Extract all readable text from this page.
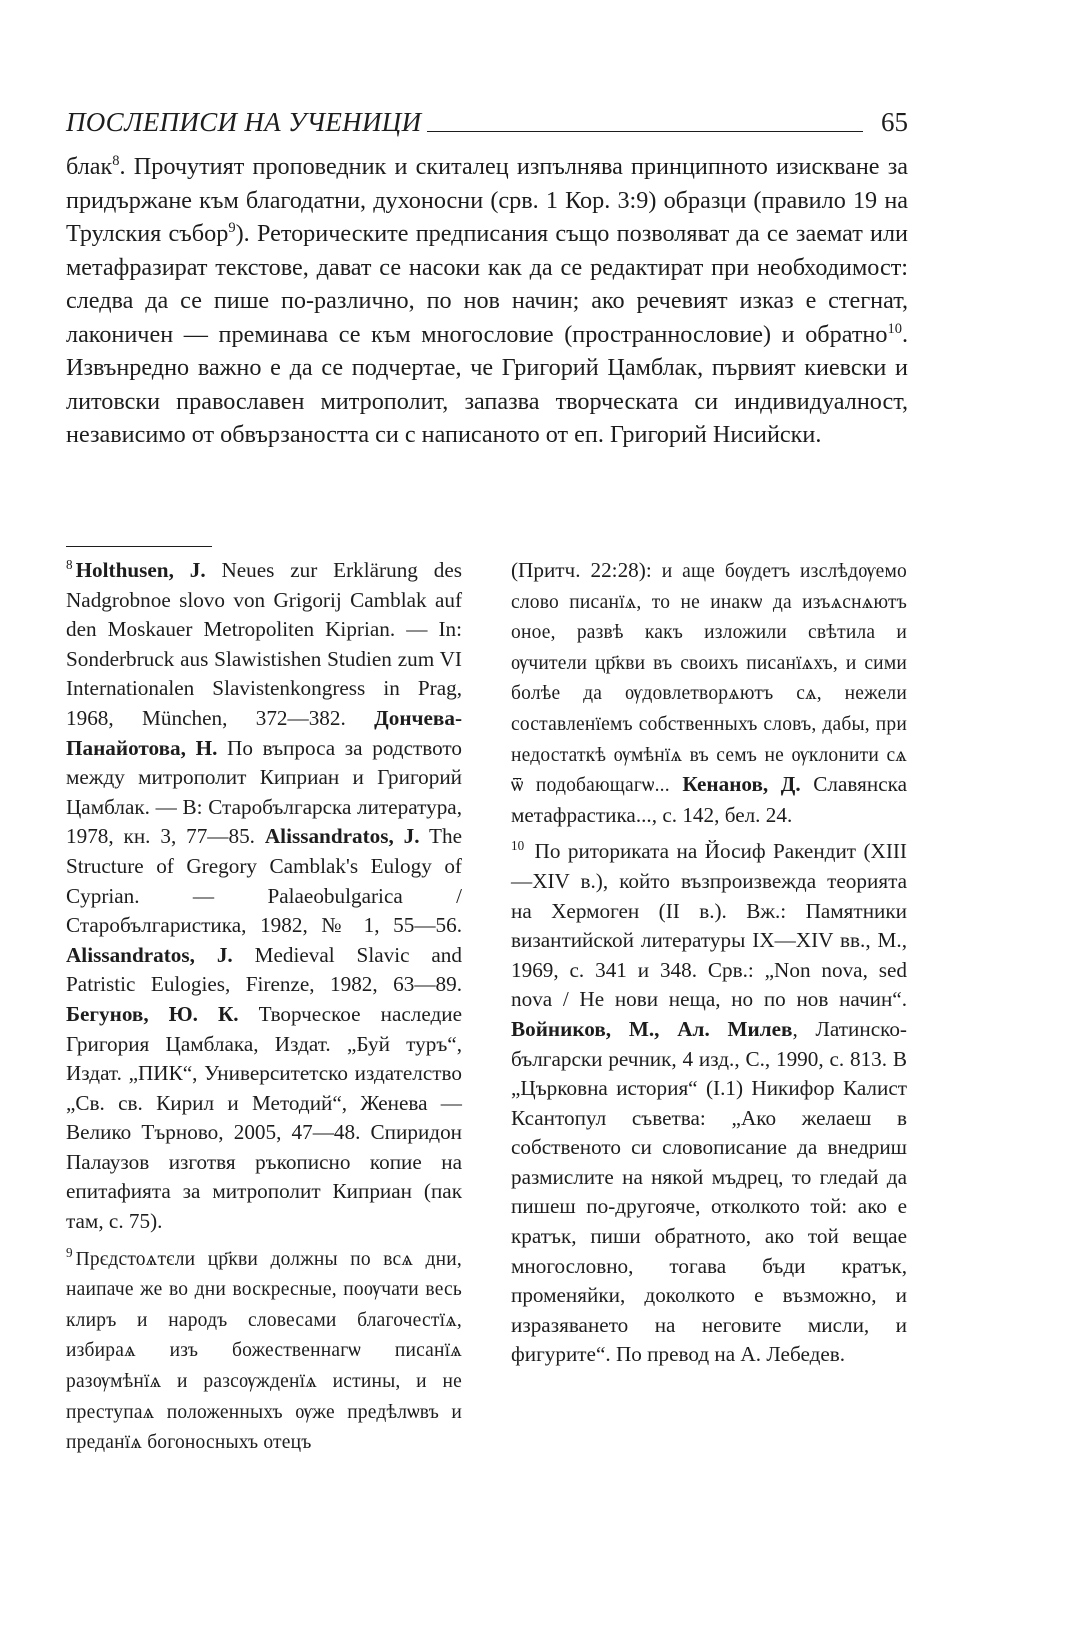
ПОСЛЕПИСИ НА УЧЕНИЦИ	65

блак$^8$. Прочутият проповедник и скиталец изпълнява принципното изискване за придържане към благодатни, духоносни (срв. 1 Кор. 3:9) образци (правило 19 на Трулския събор$^9$). Реторическите предписания също позволяват да се заемат или метафразират текстове, дават се насоки как да се редактират при необходимост: следва да се пише по-различно, по нов начин; ако речевият изказ е стегнат, лаконичен — преминава се към многословие (пространнословие) и обратно$^{10}$. Извънредно важно е да се подчертае, че Григорий Цамблак, първият киевски и литовски православен митрополит, запазва творческата си индивидуалност, независимо от обвързаността си с написаното от еп. Григорий Нисийски.

$^8$ Holthusen, J. Neues zur Erklärung des Nadgrobnoe slovo von Grigorij Camblak auf den Moskauer Metropoliten Kiprian. — In: Sonderbruck aus Slawistishen Studien zum VI Internationalen Slavistenkongress in Prag, 1968, München, 372—382. Дончева-Панайотова, Н. По въпроса за родството между митрополит Киприан и Григорий Цамблак. — В: Старобългарска литература, 1978, кн. 3, 77—85. Alissandratos, J. The Structure of Gregory Camblak's Eulogy of Cyprian. — Palaeobulgarica / Старобългаристика, 1982, № 1, 55—56. Alissandratos, J. Medieval Slavic and Patristic Eulogies, Firenze, 1982, 63—89. Бегунов, Ю. К. Творческое наследие Григория Цамблака, Издат. „Буй туръ“, Издат. „ПИК“, Университетско издателство „Св. св. Кирил и Методий“, Женева — Велико Търново, 2005, 47—48. Спиридон Палаузов изготвя ръкописно копие на епитафията за митрополит Киприан (пак там, с. 75).

$^9$ Прєдстоѧтєли цр҃кви должны по всѧ дни, наипаче же во дни воскресные, поѹчати весь клиръ и народъ словесами благочестїѧ, избираѧ изъ божественнагѡ писанїѧ разѹмѣнїѧ и разсѹжденїѧ истины, и не преступаѧ положенныхъ ѹже предѣлѡвъ и преданїѧ богоносныхъ отецъ

(Притч. 22:28): и аще бѹдетъ изслѣдѹемо слово писанїѧ, то не инакѡ да изъѧснѧютъ оное, развѣ какъ изложили свѣтила и ѹчители цр҃кви въ своихъ писанїѧхъ, и сими болѣе да ѹдовлетворѧютъ сѧ, нежели составленїемъ собственныхъ словъ, дабы, при недостаткѣ ѹмѣнїѧ въ семъ не ѹклонити сѧ ѿ подобающагѡ... Кенанов, Д. Славянска метафрастика..., с. 142, бел. 24.

$^{10}$ По риториката на Йосиф Ракендит (XIII—XIV в.), който възпроизвежда теорията на Хермоген (II в.). Вж.: Памятники византийской литературы IX—XIV вв., М., 1969, с. 341 и 348. Срв.: „Non nova, sed nova / Не нови неща, но по нов начин“. Войников, М., Ал. Милев, Латинско-български речник, 4 изд., С., 1990, с. 813. В „Църковна история“ (I.1) Никифор Калист Ксантопул съветва: „Ако желаеш в собственото си словописание да внедриш размислите на някой мъдрец, то гледай да пишеш по-другояче, отколкото той: ако е кратък, пиши обратното, ако той вещае многословно, тогава бъди кратък, променяйки, доколкото е възможно, и изразяването на неговите мисли, и фигурите“. По превод на А. Лебедев.
